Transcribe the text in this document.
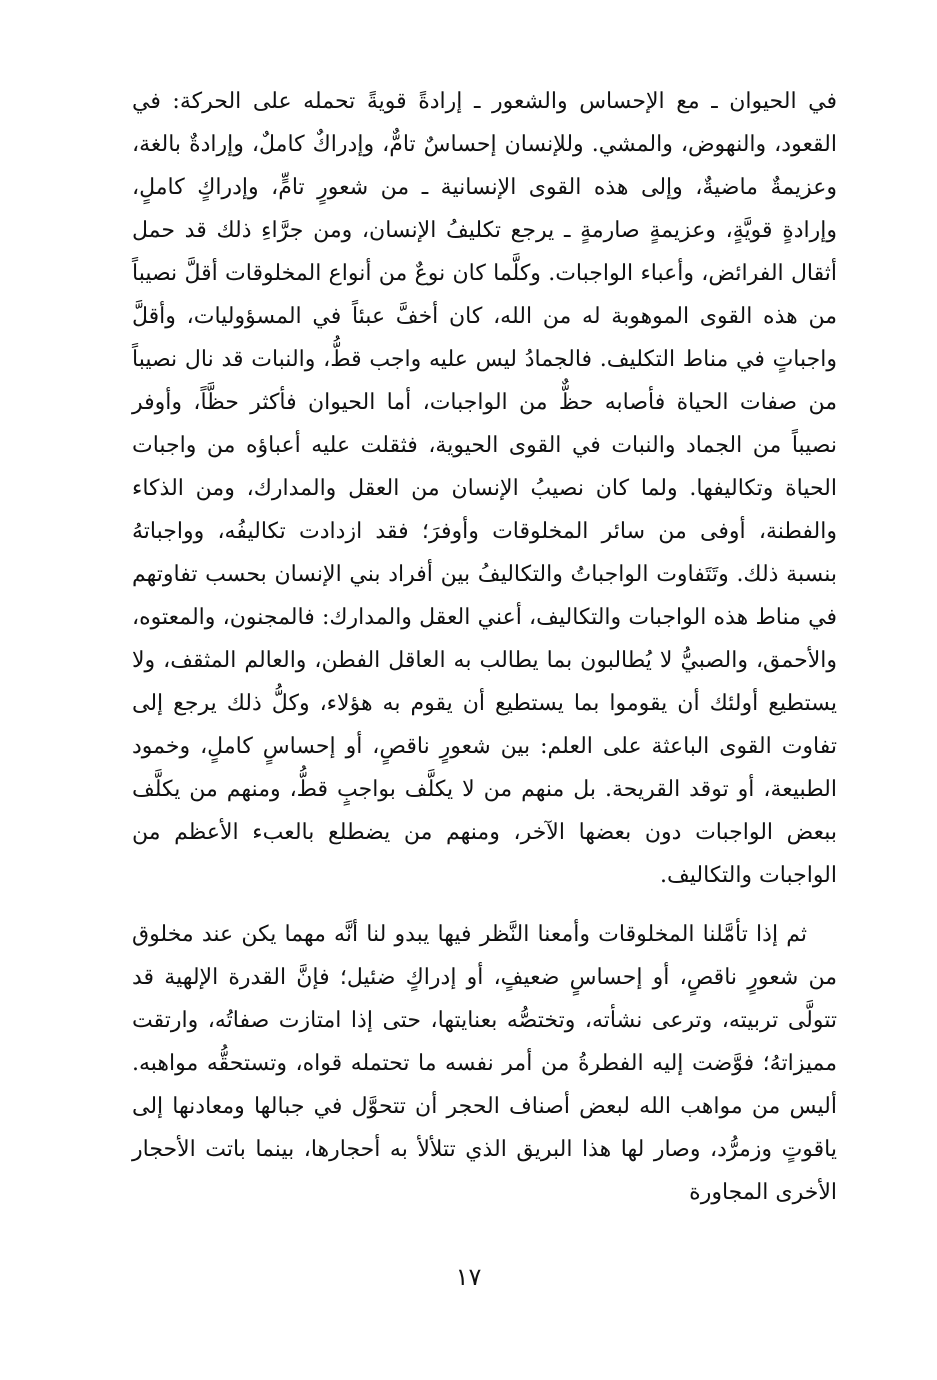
في الحيوان ـ مع الإحساس والشعور ـ إرادةً قويةً تحمله على الحركة: في القعود، والنهوض، والمشي. وللإنسان إحساسٌ تامٌّ، وإدراكٌ كاملٌ، وإرادةٌ بالغة، وعزيمةٌ ماضيةٌ، وإلى هذه القوى الإنسانية ـ من شعورٍ تامٍّ، وإدراكٍ كاملٍ، وإرادةٍ قويَّةٍ، وعزيمةٍ صارمةٍ ـ يرجع تكليفُ الإنسان، ومن جرَّاءِ ذلك قد حمل أثقال الفرائض، وأعباء الواجبات. وكلَّما كان نوعٌ من أنواع المخلوقات أقلَّ نصيباً من هذه القوى الموهوبة له من الله، كان أخفَّ عبئاً في المسؤوليات، وأقلَّ واجباتٍ في مناط التكليف. فالجمادُ ليس عليه واجب قطُّ، والنبات قد نال نصيباً من صفات الحياة فأصابه حظٌّ من الواجبات، أما الحيوان فأكثر حظَّاً، وأوفر نصيباً من الجماد والنبات في القوى الحيوية، فثقلت عليه أعباؤه من واجبات الحياة وتكاليفها. ولما كان نصيبُ الإنسان من العقل والمدارك، ومن الذكاء والفطنة، أوفى من سائر المخلوقات وأوفرَ؛ فقد ازدادت تكاليفُه، وواجباتهُ بنسبة ذلك. وتَتَفاوت الواجباتُ والتكاليفُ بين أفراد بني الإنسان بحسب تفاوتهم في مناط هذه الواجبات والتكاليف، أعني العقل والمدارك: فالمجنون، والمعتوه، والأحمق، والصبيُّ لا يُطالبون بما يطالب به العاقل الفطن، والعالم المثقف، ولا يستطيع أولئك أن يقوموا بما يستطيع أن يقوم به هؤلاء، وكلُّ ذلك يرجع إلى تفاوت القوى الباعثة على العلم: بين شعورٍ ناقصٍ، أو إحساسٍ كاملٍ، وخمود الطبيعة، أو توقد القريحة. بل منهم من لا يكلَّف بواجبٍ قطُّ، ومنهم من يكلَّف ببعض الواجبات دون بعضها الآخر، ومنهم من يضطلع بالعبء الأعظم من الواجبات والتكاليف.

ثم إذا تأمَّلنا المخلوقات وأمعنا النَّظر فيها يبدو لنا أنَّه مهما يكن عند مخلوق من شعورٍ ناقصٍ، أو إحساسٍ ضعيفٍ، أو إدراكٍ ضئيل؛ فإنَّ القدرة الإلهية قد تتولَّى تربيته، وترعى نشأته، وتختصُّه بعنايتها، حتى إذا امتازت صفاتُه، وارتقت مميزاتهُ؛ فوَّضت إليه الفطرةُ من أمر نفسه ما تحتمله قواه، وتستحقُّه مواهبه. أليس من مواهب الله لبعض أصناف الحجر أن تتحوَّل في جبالها ومعادنها إلى ياقوتٍ وزمرُّد، وصار لها هذا البريق الذي تتلألأ به أحجارها، بينما باتت الأحجار الأخرى المجاورة

١٧
